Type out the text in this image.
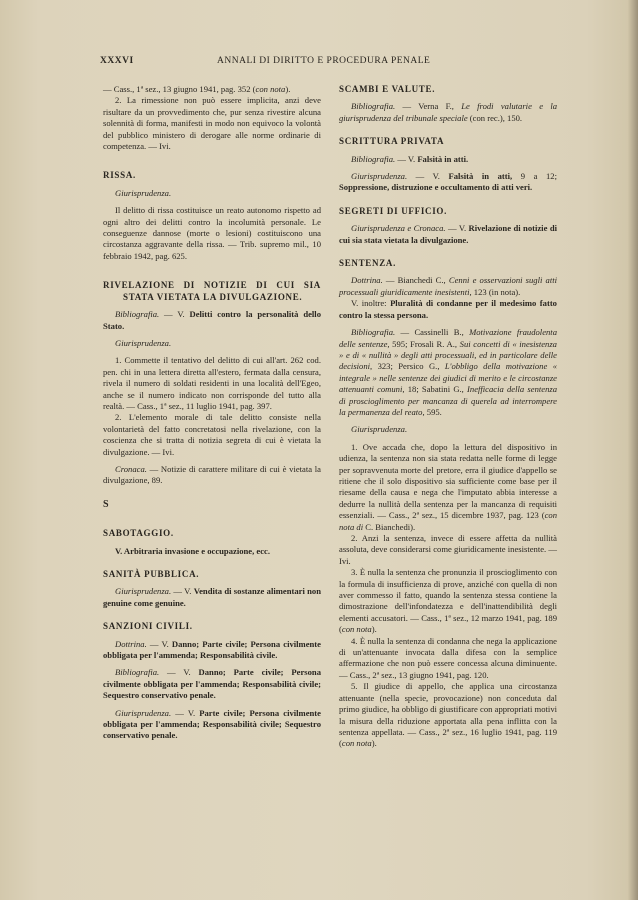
XXXVI	ANNALI DI DIRITTO E PROCEDURA PENALE

— Cass., 1ª sez., 13 giugno 1941, pag. 352 (con nota).

2. La rimessione non può essere implicita, anzi deve risultare da un provvedimento che, pur senza rivestire alcuna solennità di forma, manifesti in modo non equivoco la volontà del pubblico ministero di derogare alle norme ordinarie di competenza. — Ivi.

RISSA.

Giurisprudenza.

Il delitto di rissa costituisce un reato autonomo rispetto ad ogni altro dei delitti contro la incolumità personale. Le conseguenze dannose (morte o lesioni) costituiscono una circostanza aggravante della rissa. — Trib. supremo mil., 10 febbraio 1942, pag. 625.

RIVELAZIONE DI NOTIZIE DI CUI SIA STATA VIETATA LA DIVULGAZIONE.

Bibliografia. — V. Delitti contro la personalità dello Stato.

Giurisprudenza.

1. Commette il tentativo del delitto di cui all'art. 262 cod. pen. chi in una lettera diretta all'estero, fermata dalla censura, rivela il numero di soldati residenti in una località dell'Egeo, anche se il numero indicato non corrisponde del tutto alla realtà. — Cass., 1ª sez., 11 luglio 1941, pag. 397.

2. L'elemento morale di tale delitto consiste nella volontarietà del fatto concretatosi nella rivelazione, con la coscienza che si tratta di notizia segreta di cui è vietata la divulgazione. — Ivi.

Cronaca. — Notizie di carattere militare di cui è vietata la divulgazione, 89.

S

SABOTAGGIO.

V. Arbitraria invasione e occupazione, ecc.

SANITÀ PUBBLICA.

Giurisprudenza. — V. Vendita di sostanze alimentari non genuine come genuine.

SANZIONI CIVILI.

Dottrina. — V. Danno; Parte civile; Persona civilmente obbligata per l'ammenda; Responsabilità civile.

Bibliografia. — V. Danno; Parte civile; Persona civilmente obbligata per l'ammenda; Responsabilità civile; Sequestro conservativo penale.

Giurisprudenza. — V. Parte civile; Persona civilmente obbligata per l'ammenda; Responsabilità civile; Sequestro conservativo penale.

SCAMBI E VALUTE.

Bibliografia. — Verna F., Le frodi valutarie e la giurisprudenza del tribunale speciale (con rec.), 150.

SCRITTURA PRIVATA

Bibliografia. — V. Falsità in atti.

Giurisprudenza. — V. Falsità in atti, 9 a 12; Soppressione, distruzione e occultamento di atti veri.

SEGRETI DI UFFICIO.

Giurisprudenza e Cronaca. — V. Rivelazione di notizie di cui sia stata vietata la divulgazione.

SENTENZA.

Dottrina. — Bianchedi C., Cenni e osservazioni sugli atti processuali giuridicamente inesistenti, 123 (in nota).

V. inoltre: Pluralità di condanne per il medesimo fatto contro la stessa persona.

Bibliografia. — Cassinelli B., Motivazione fraudolenta delle sentenze, 595; Frosali R. A., Sui concetti di « inesistenza » e di « nullità » degli atti processuali, ed in particolare delle decisioni, 323; Persico G., L'obbligo della motivazione « integrale » nelle sentenze dei giudici di merito e le circostanze attenuanti comuni, 18; Sabatini G., Inefficacia della sentenza di proscioglimento per mancanza di querela ad interrompere la permanenza del reato, 595.

Giurisprudenza.

1. Ove accada che, dopo la lettura del dispositivo in udienza, la sentenza non sia stata redatta nelle forme di legge per sopravvenuta morte del pretore, erra il giudice d'appello se ritiene che il solo dispositivo sia sufficiente come base per il riesame della causa e nega che l'imputato abbia interesse a dedurre la nullità della sentenza per la mancanza di requisiti essenziali. — Cass., 2ª sez., 15 dicembre 1937, pag. 123 (con nota di C. Bianchedi).

2. Anzi la sentenza, invece di essere affetta da nullità assoluta, deve considerarsi come giuridicamente inesistente. — Ivi.

3. È nulla la sentenza che pronunzia il proscioglimento con la formula di insufficienza di prove, anziché con quella di non aver commesso il fatto, quando la sentenza stessa contiene la dimostrazione dell'infondatezza e dell'inattendibilità degli elementi accusatori. — Cass., 1ª sez., 12 marzo 1941, pag. 189 (con nota).

4. È nulla la sentenza di condanna che nega la applicazione di un'attenuante invocata dalla difesa con la semplice affermazione che non può essere concessa alcuna diminuente. — Cass., 2ª sez., 13 giugno 1941, pag. 120.

5. Il giudice di appello, che applica una circostanza attenuante (nella specie, provocazione) non conceduta dal primo giudice, ha obbligo di giustificare con appropriati motivi la misura della riduzione apportata alla pena inflitta con la sentenza appellata. — Cass., 2ª sez., 16 luglio 1941, pag. 119 (con nota).
